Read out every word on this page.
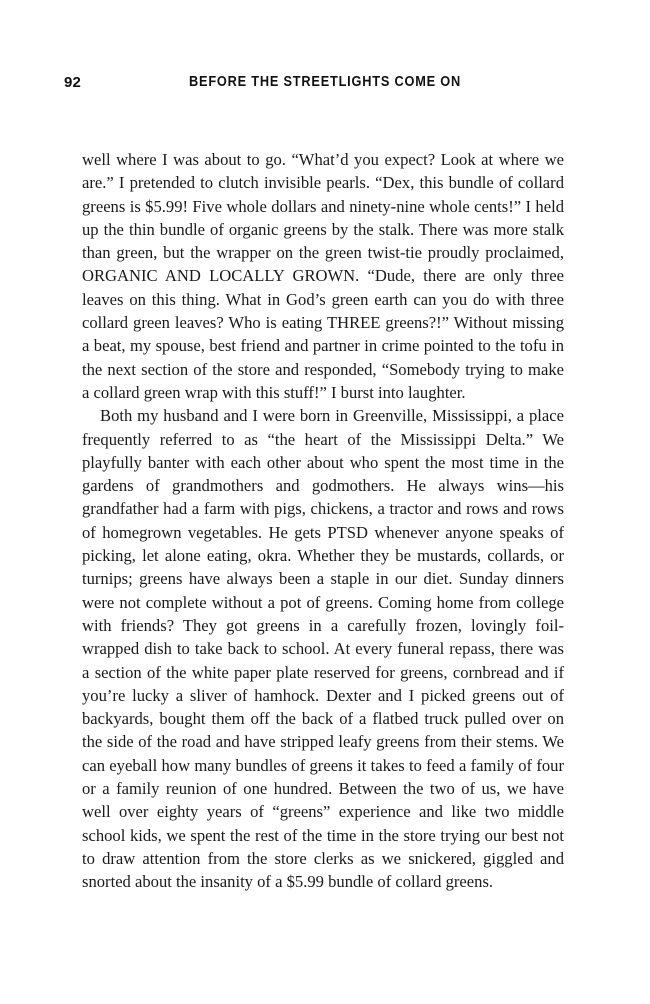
92	BEFORE THE STREETLIGHTS COME ON

well where I was about to go. “What’d you expect? Look at where we are.” I pretended to clutch invisible pearls. “Dex, this bundle of collard greens is $5.99! Five whole dollars and ninety-nine whole cents!” I held up the thin bundle of organic greens by the stalk. There was more stalk than green, but the wrapper on the green twist-tie proudly proclaimed, ORGANIC AND LOCALLY GROWN. “Dude, there are only three leaves on this thing. What in God’s green earth can you do with three collard green leaves? Who is eating THREE greens?!” Without missing a beat, my spouse, best friend and partner in crime pointed to the tofu in the next section of the store and responded, “Somebody trying to make a collard green wrap with this stuff!” I burst into laughter.

Both my husband and I were born in Greenville, Mississippi, a place frequently referred to as “the heart of the Mississippi Delta.” We playfully banter with each other about who spent the most time in the gardens of grandmothers and godmothers. He always wins—his grandfather had a farm with pigs, chickens, a tractor and rows and rows of homegrown vegetables. He gets PTSD whenever anyone speaks of picking, let alone eating, okra. Whether they be mustards, collards, or turnips; greens have always been a staple in our diet. Sunday dinners were not complete without a pot of greens. Coming home from college with friends? They got greens in a carefully frozen, lovingly foil-wrapped dish to take back to school. At every funeral repass, there was a section of the white paper plate reserved for greens, cornbread and if you’re lucky a sliver of hamhock. Dexter and I picked greens out of backyards, bought them off the back of a flatbed truck pulled over on the side of the road and have stripped leafy greens from their stems. We can eyeball how many bundles of greens it takes to feed a family of four or a family reunion of one hundred. Between the two of us, we have well over eighty years of “greens” experience and like two middle school kids, we spent the rest of the time in the store trying our best not to draw attention from the store clerks as we snickered, giggled and snorted about the insanity of a $5.99 bundle of collard greens.
